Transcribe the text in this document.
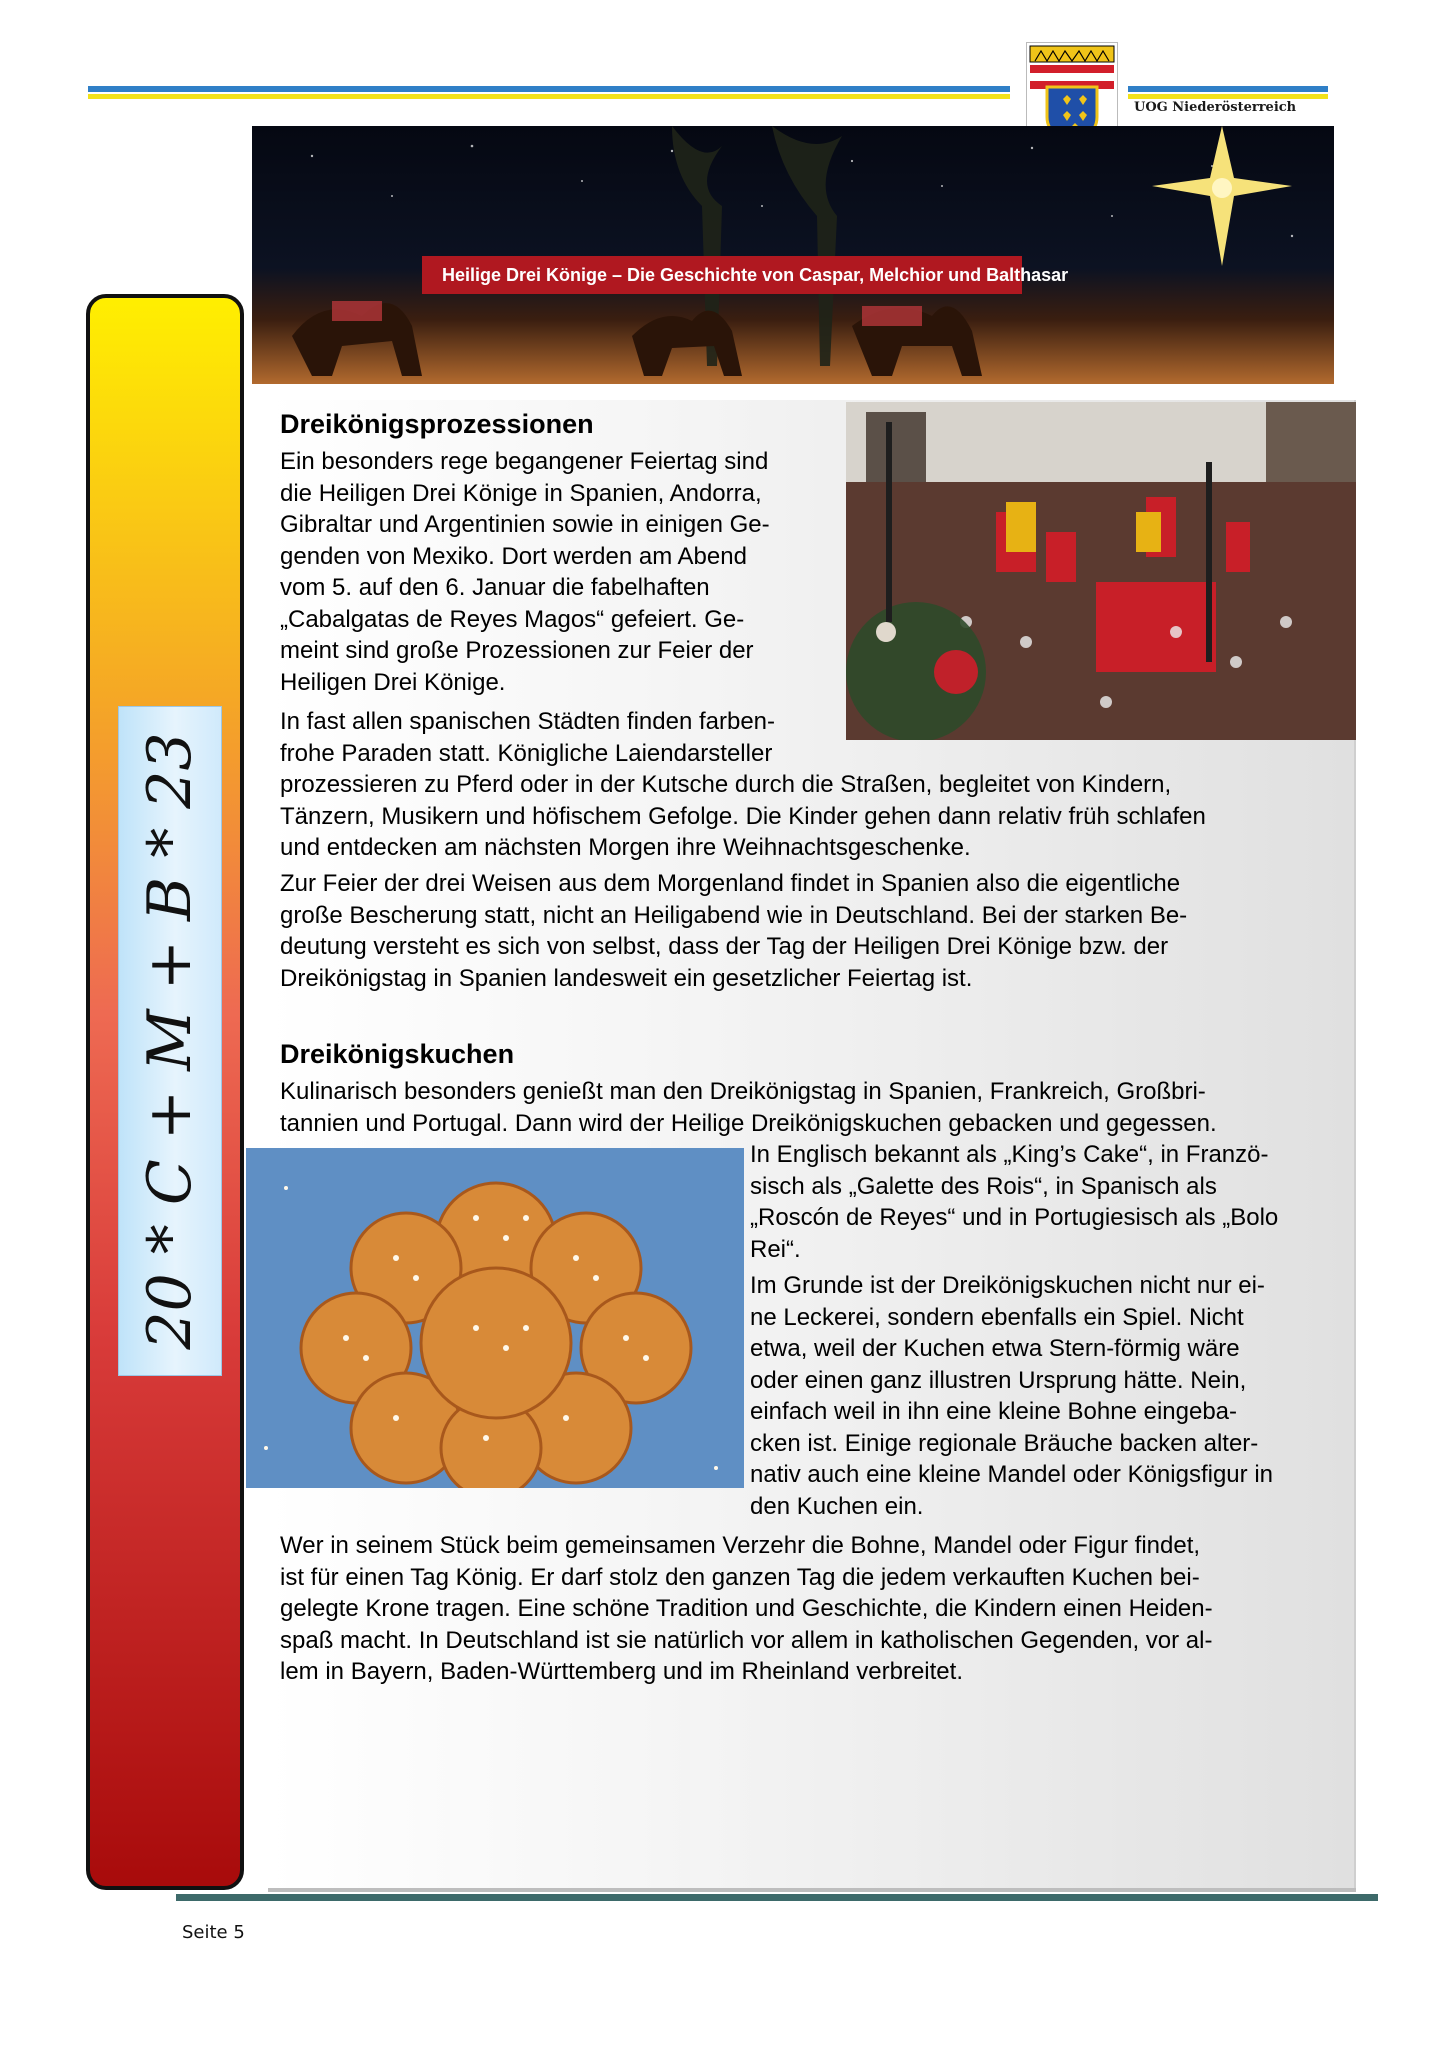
UOG Niederösterreich
Heilige Drei Könige – Die Geschichte von Caspar, Melchior und Balthasar
20 * C + M + B * 23
Dreikönigsprozessionen
Ein besonders rege begangener Feiertag sind
die Heiligen Drei Könige in Spanien, Andorra,
Gibraltar und Argentinien sowie in einigen Ge-
genden von Mexiko. Dort werden am Abend
vom 5. auf den 6. Januar die fabelhaften
„Cabalgatas de Reyes Magos“ gefeiert. Ge-
meint sind große Prozessionen zur Feier der
Heiligen Drei Könige.
In fast allen spanischen Städten finden farben-
frohe Paraden statt. Königliche Laiendarsteller
prozessieren zu Pferd oder in der Kutsche durch die Straßen, begleitet von Kindern,
Tänzern, Musikern und höfischem Gefolge. Die Kinder gehen dann relativ früh schlafen
und entdecken am nächsten Morgen ihre Weihnachtsgeschenke.
Zur Feier der drei Weisen aus dem Morgenland findet in Spanien also die eigentliche
große Bescherung statt, nicht an Heiligabend wie in Deutschland. Bei der starken Be-
deutung versteht es sich von selbst, dass der Tag der Heiligen Drei Könige bzw. der
Dreikönigstag in Spanien landesweit ein gesetzlicher Feiertag ist.
Dreikönigskuchen
Kulinarisch besonders genießt man den Dreikönigstag in Spanien, Frankreich, Großbri-
tannien und Portugal. Dann wird der Heilige Dreikönigskuchen gebacken und gegessen.
In Englisch bekannt als „King’s Cake“, in Franzö-
sisch als „Galette des Rois“, in Spanisch als
„Roscón de Reyes“ und in Portugiesisch als „Bolo
Rei“.
Im Grunde ist der Dreikönigskuchen nicht nur ei-
ne Leckerei, sondern ebenfalls ein Spiel. Nicht
etwa, weil der Kuchen etwa Stern-förmig wäre
oder einen ganz illustren Ursprung hätte. Nein,
einfach weil in ihn eine kleine Bohne eingeba-
cken ist. Einige regionale Bräuche backen alter-
nativ auch eine kleine Mandel oder Königsfigur in
den Kuchen ein.
Wer in seinem Stück beim gemeinsamen Verzehr die Bohne, Mandel oder Figur findet,
ist für einen Tag König. Er darf stolz den ganzen Tag die jedem verkauften Kuchen bei-
gelegte Krone tragen. Eine schöne Tradition und Geschichte, die Kindern einen Heiden-
spaß macht. In Deutschland ist sie natürlich vor allem in katholischen Gegenden, vor al-
lem in Bayern, Baden-Württemberg und im Rheinland verbreitet.
Seite 5
